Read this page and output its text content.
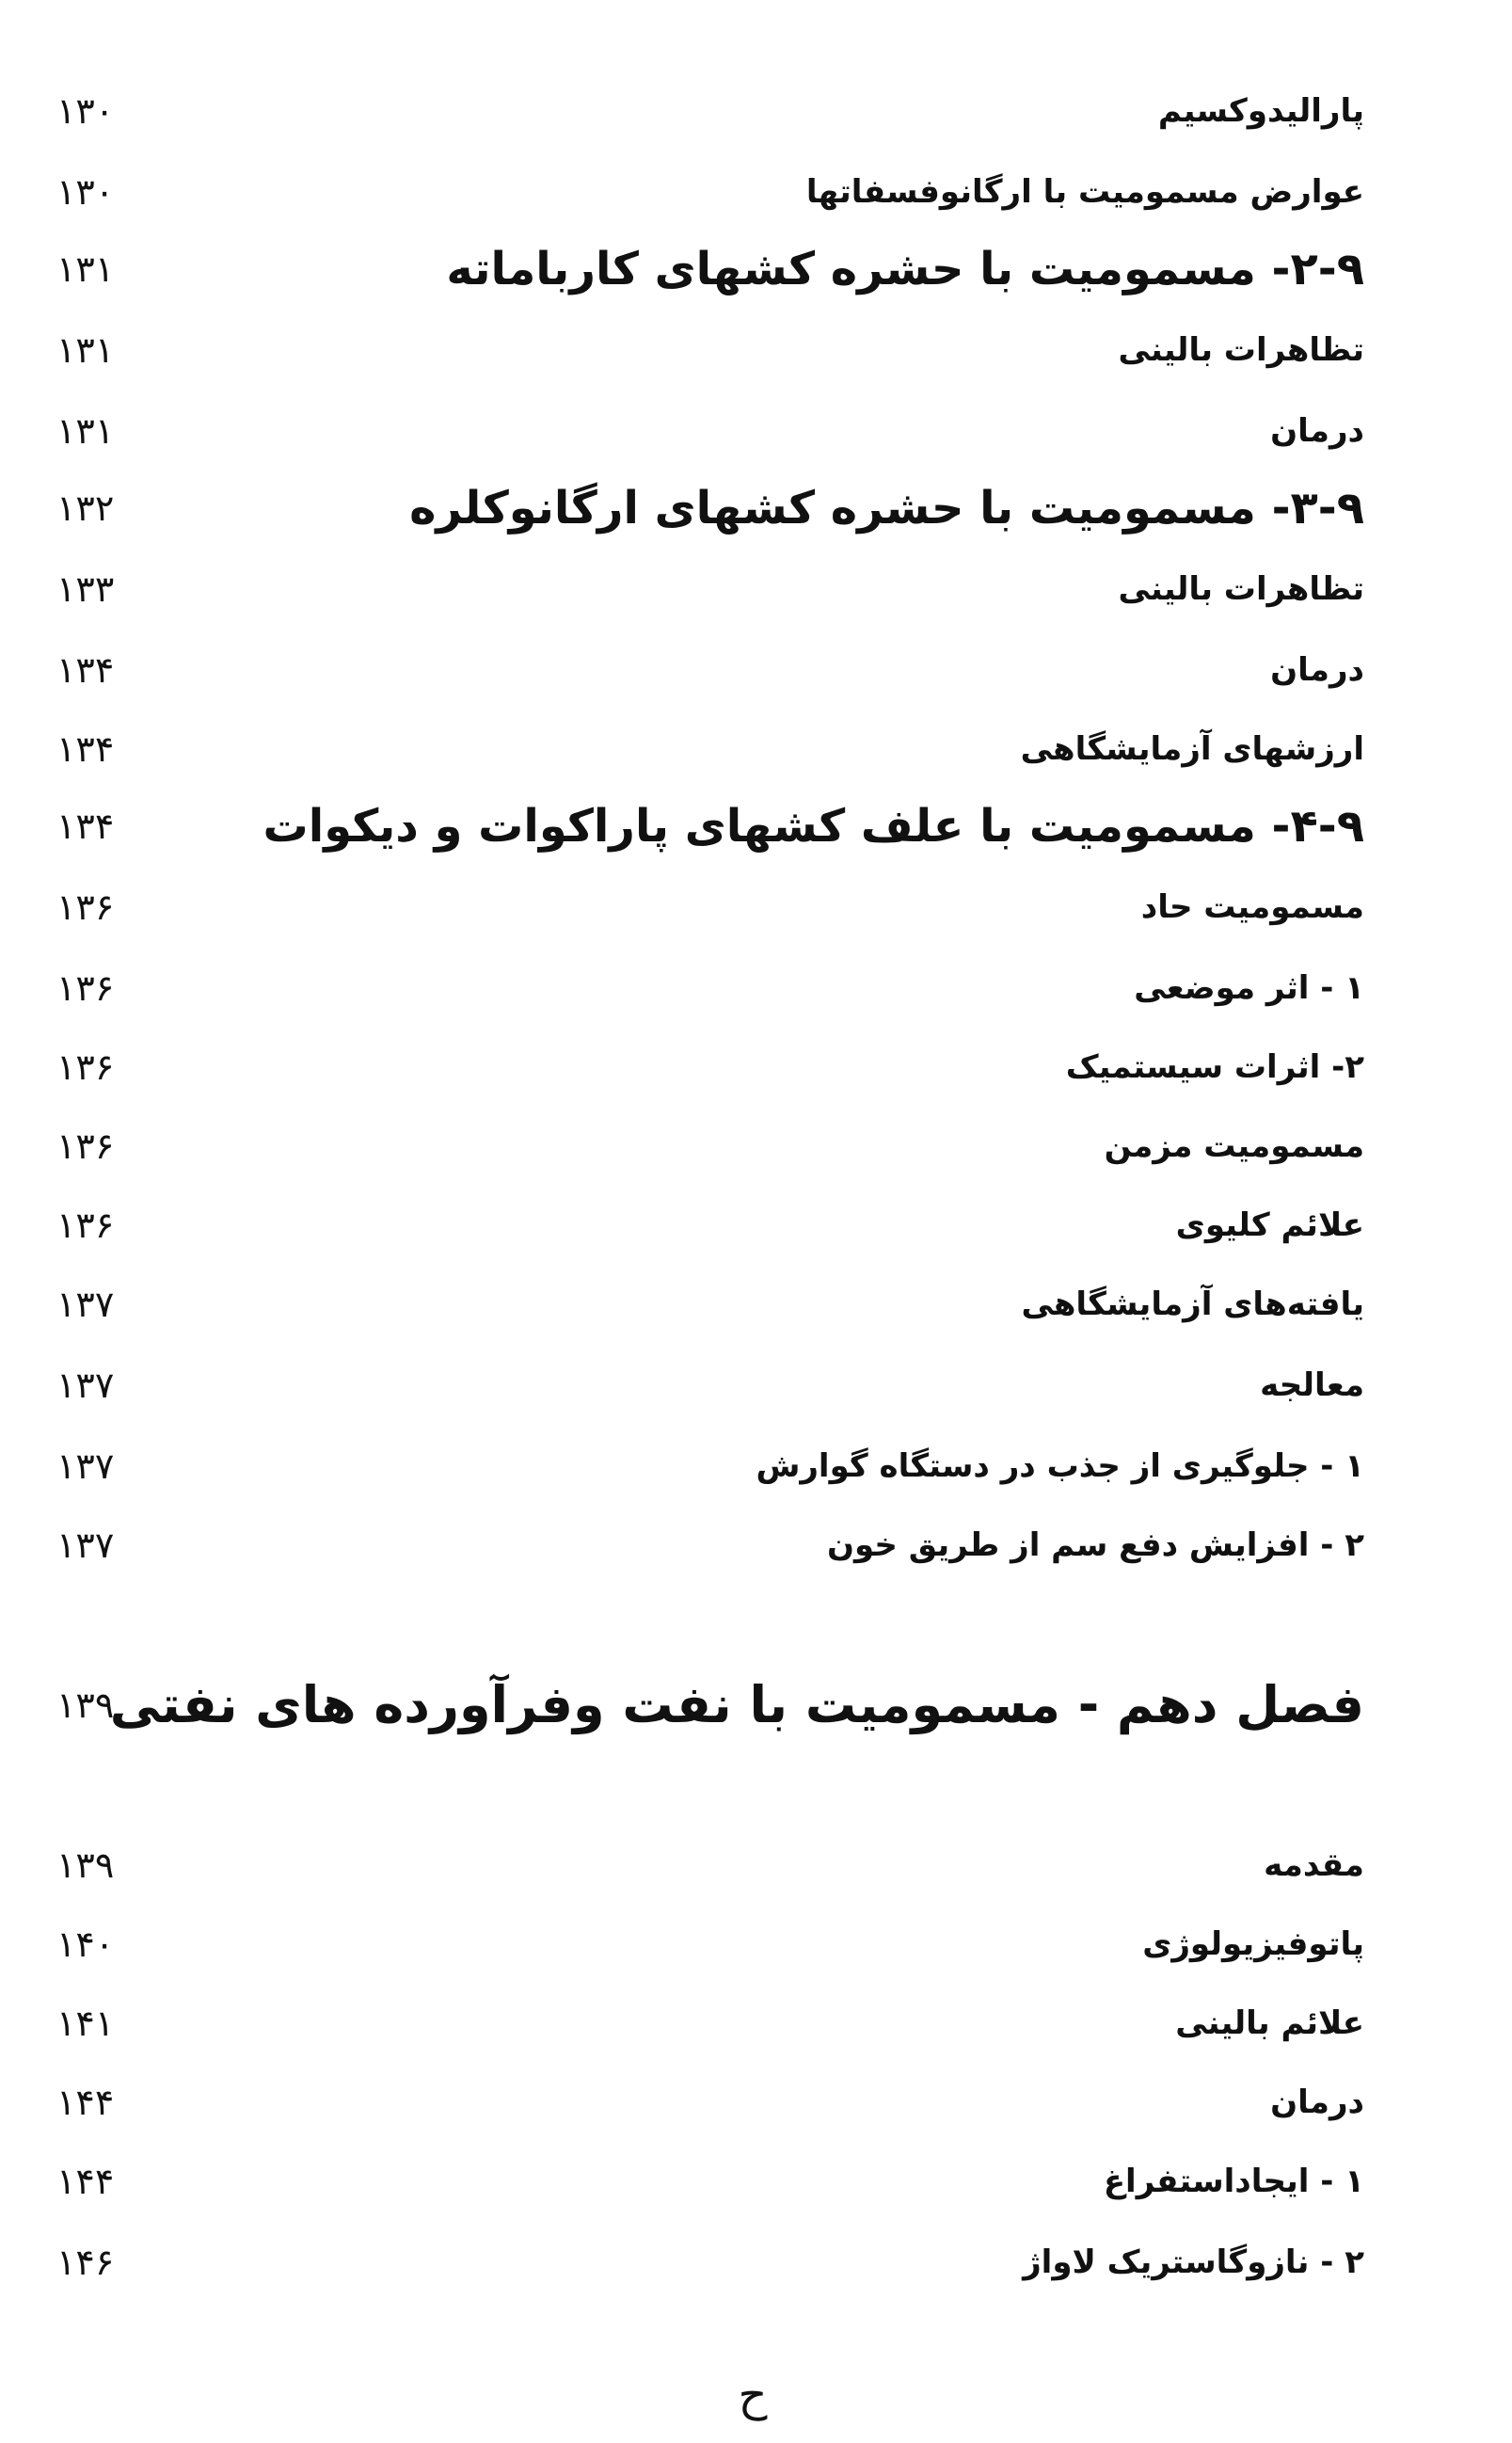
پارالیدوکسیم
۱۳۰
عوارض مسمومیت با ارگانوفسفاتها
۱۳۰
۲-۹- مسمومیت با حشره کشهای کارباماته
۱۳۱
تظاهرات بالینی
۱۳۱
درمان
۱۳۱
۳-۹- مسمومیت با حشره کشهای ارگانوکلره
۱۳۲
تظاهرات بالینی
۱۳۳
درمان
۱۳۴
ارزشهای آزمایشگاهی
۱۳۴
۴-۹- مسمومیت با علف کشهای پاراکوات و دیکوات
۱۳۴
مسمومیت حاد
۱۳۶
۱ - اثر موضعی
۱۳۶
۲- اثرات سیستمیک
۱۳۶
مسمومیت مزمن
۱۳۶
علائم کلیوی
۱۳۶
یافته‌های آزمایشگاهی
۱۳۷
معالجه
۱۳۷
۱ - جلوگیری از جذب در دستگاه گوارش
۱۳۷
۲ - افزایش دفع سم از طریق خون
۱۳۷
فصل دهم - مسمومیت با نفت وفرآورده های نفتی
۱۳۹
مقدمه
۱۳۹
پاتوفیزیولوژی
۱۴۰
علائم بالینی
۱۴۱
درمان
۱۴۴
۱ - ایجاداستفراغ
۱۴۴
۲ - نازوگاستریک لاواژ
۱۴۶
ح
